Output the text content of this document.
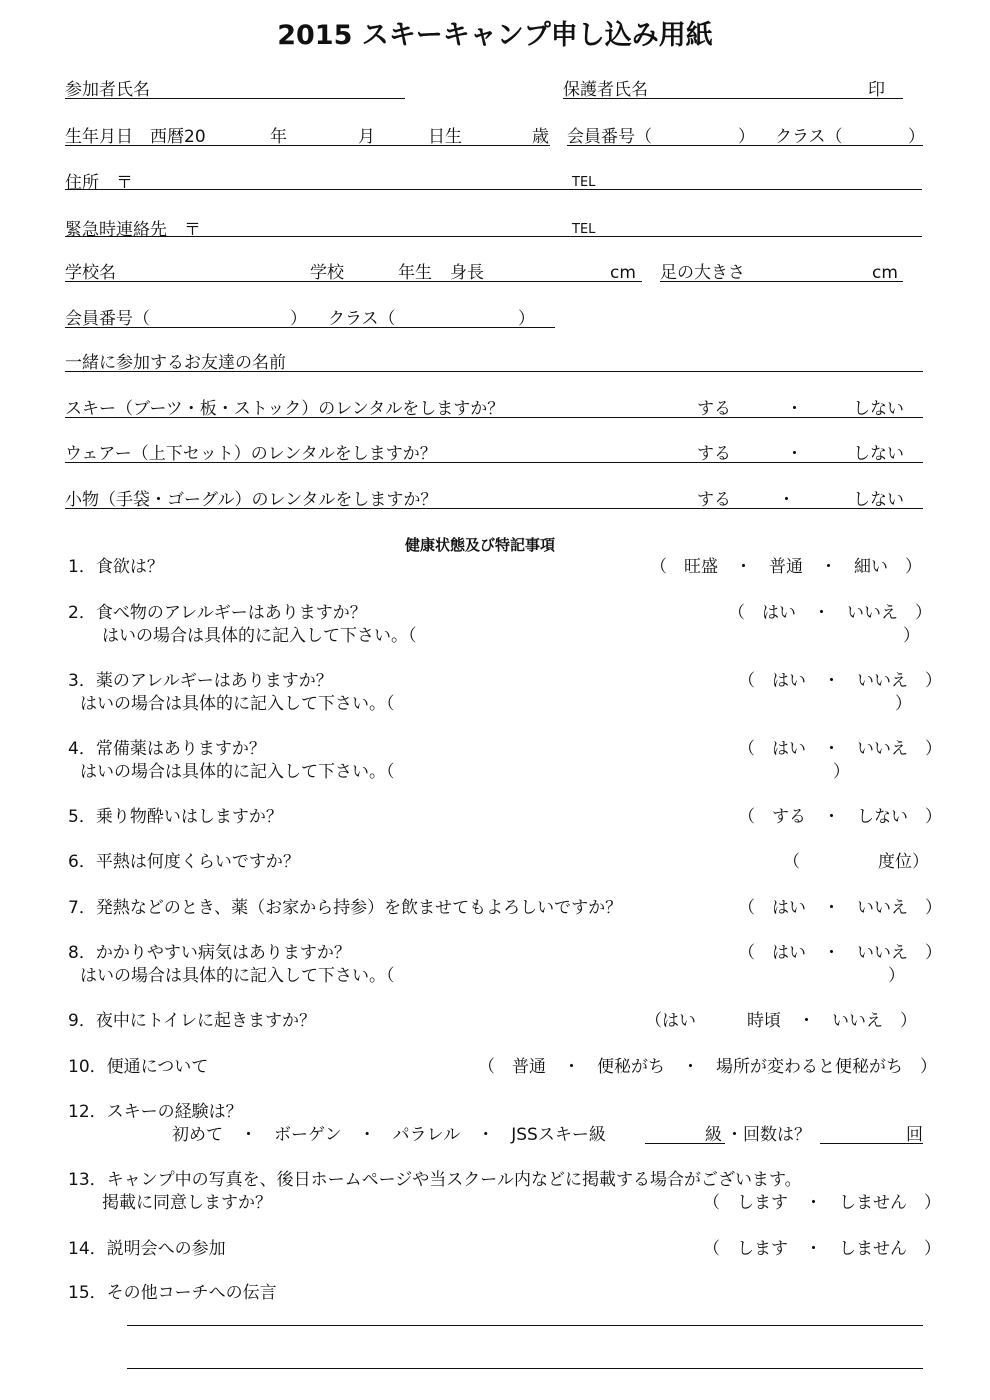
2015 スキーキャンプ申し込み用紙
参加者氏名	保護者氏名	印
生年月日　西暦20	年	月	日生	歳 会員番号（	） クラス（	）
住所　〒	TEL
緊急時連絡先　〒	TEL
学校名	学校	年生 身長	cm 足の大きさ	cm
会員番号（	） クラス（	）
一緒に参加するお友達の名前
スキー（ブーツ・板・ストック）のレンタルをしますか？	する	・	しない
ウェアー（上下セット）のレンタルをしますか？	する	・	しない
小物（手袋・ゴーグル）のレンタルをしますか？	する	・	しない
健康状態及び特記事項
1．食欲は？	（　旺盛　・　普通　・　細い　）
2．食べ物のアレルギーはありますか？	（　はい　・　いいえ　）
はいの場合は具体的に記入して下さい。（	）
3．薬のアレルギーはありますか？	（　はい　・　いいえ　）
はいの場合は具体的に記入して下さい。（	）
4．常備薬はありますか？	（　はい　・　いいえ　）
はいの場合は具体的に記入して下さい。（	）
5．乗り物酔いはしますか？	（　する　・　しない　）
6．平熱は何度くらいですか？	（	度位）
7．発熱などのとき、薬（お家から持参）を飲ませてもよろしいですか？	（　はい　・　いいえ　）
8．かかりやすい病気はありますか？	（　はい　・　いいえ　）
はいの場合は具体的に記入して下さい。（	）
9．夜中にトイレに起きますか？	（はい　　　時頃　・　いいえ　）
10．便通について	（　普通　・　便秘がち　・　場所が変わると便秘がち　）
12．スキーの経験は？
初めて　・　ボーゲン　・　パラレル　・　JSSスキー級	級 ・回数は？	回
13．キャンプ中の写真を、後日ホームページや当スクール内などに掲載する場合がございます。
掲載に同意しますか？	（　します　・　しません　）
14．説明会への参加	（　します　・　しません　）
15．その他コーチへの伝言
